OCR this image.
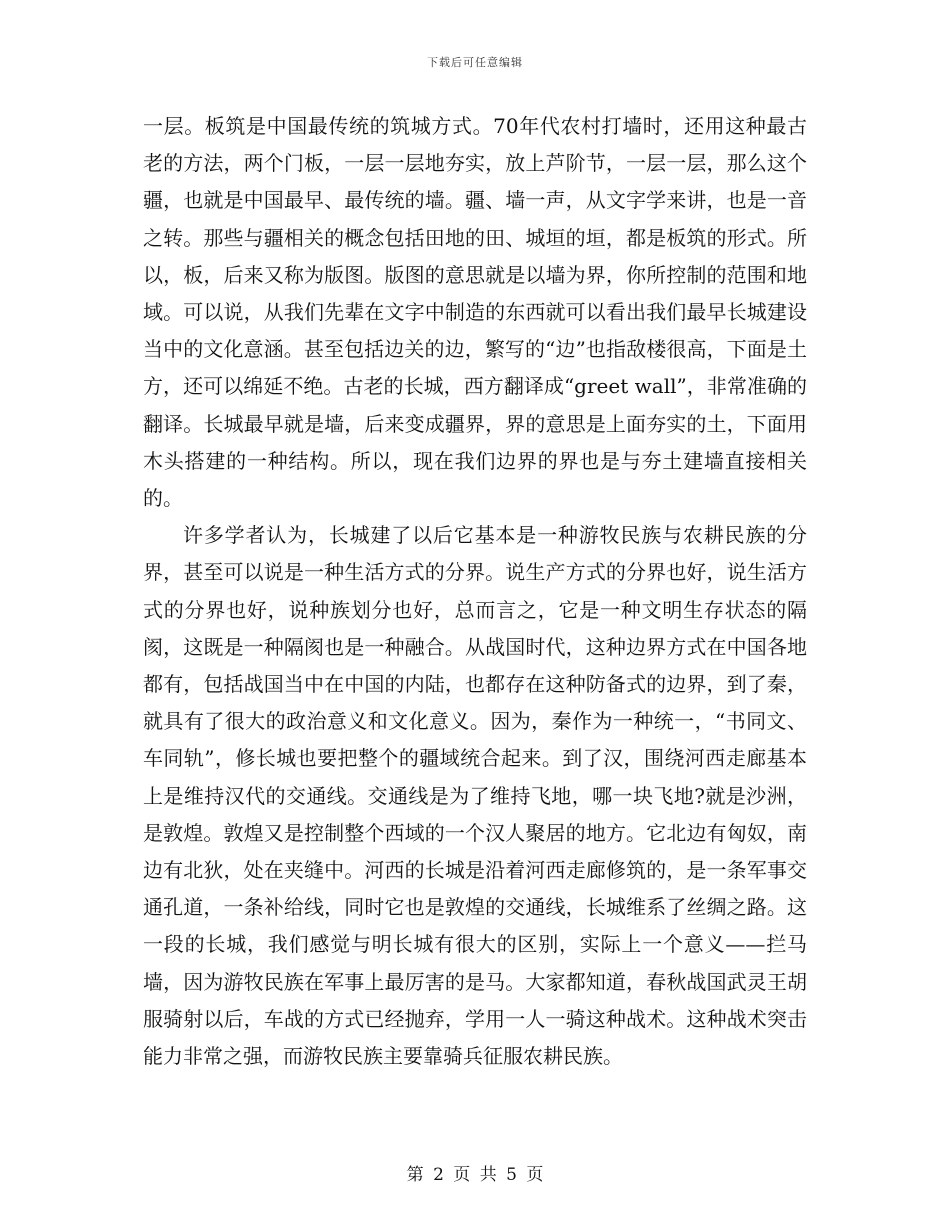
下载后可任意编辑

一层。板筑是中国最传统的筑城方式。70年代农村打墙时，还用这种最古老的方法，两个门板，一层一层地夯实，放上芦阶节，一层一层，那么这个疆，也就是中国最早、最传统的墙。疆、墙一声，从文字学来讲，也是一音之转。那些与疆相关的概念包括田地的田、城垣的垣，都是板筑的形式。所以，板，后来又称为版图。版图的意思就是以墙为界，你所控制的范围和地域。可以说，从我们先辈在文字中制造的东西就可以看出我们最早长城建设当中的文化意涵。甚至包括边关的边，繁写的“边”也指敌楼很高，下面是土方，还可以绵延不绝。古老的长城，西方翻译成“greet wall”，非常准确的翻译。长城最早就是墙，后来变成疆界，界的意思是上面夯实的土，下面用木头搭建的一种结构。所以，现在我们边界的界也是与夯土建墙直接相关的。

许多学者认为，长城建了以后它基本是一种游牧民族与农耕民族的分界，甚至可以说是一种生活方式的分界。说生产方式的分界也好，说生活方式的分界也好，说种族划分也好，总而言之，它是一种文明生存状态的隔阂，这既是一种隔阂也是一种融合。从战国时代，这种边界方式在中国各地都有，包括战国当中在中国的内陆，也都存在这种防备式的边界，到了秦，就具有了很大的政治意义和文化意义。因为，秦作为一种统一，“书同文、车同轨”，修长城也要把整个的疆域统合起来。到了汉，围绕河西走廊基本上是维持汉代的交通线。交通线是为了维持飞地，哪一块飞地?就是沙洲，是敦煌。敦煌又是控制整个西域的一个汉人聚居的地方。它北边有匈奴，南边有北狄，处在夹缝中。河西的长城是沿着河西走廊修筑的，是一条军事交通孔道，一条补给线，同时它也是敦煌的交通线，长城维系了丝绸之路。这一段的长城，我们感觉与明长城有很大的区别，实际上一个意义——拦马墙，因为游牧民族在军事上最厉害的是马。大家都知道，春秋战国武灵王胡服骑射以后，车战的方式已经抛弃，学用一人一骑这种战术。这种战术突击能力非常之强，而游牧民族主要靠骑兵征服农耕民族。

第 2 页 共 5 页
